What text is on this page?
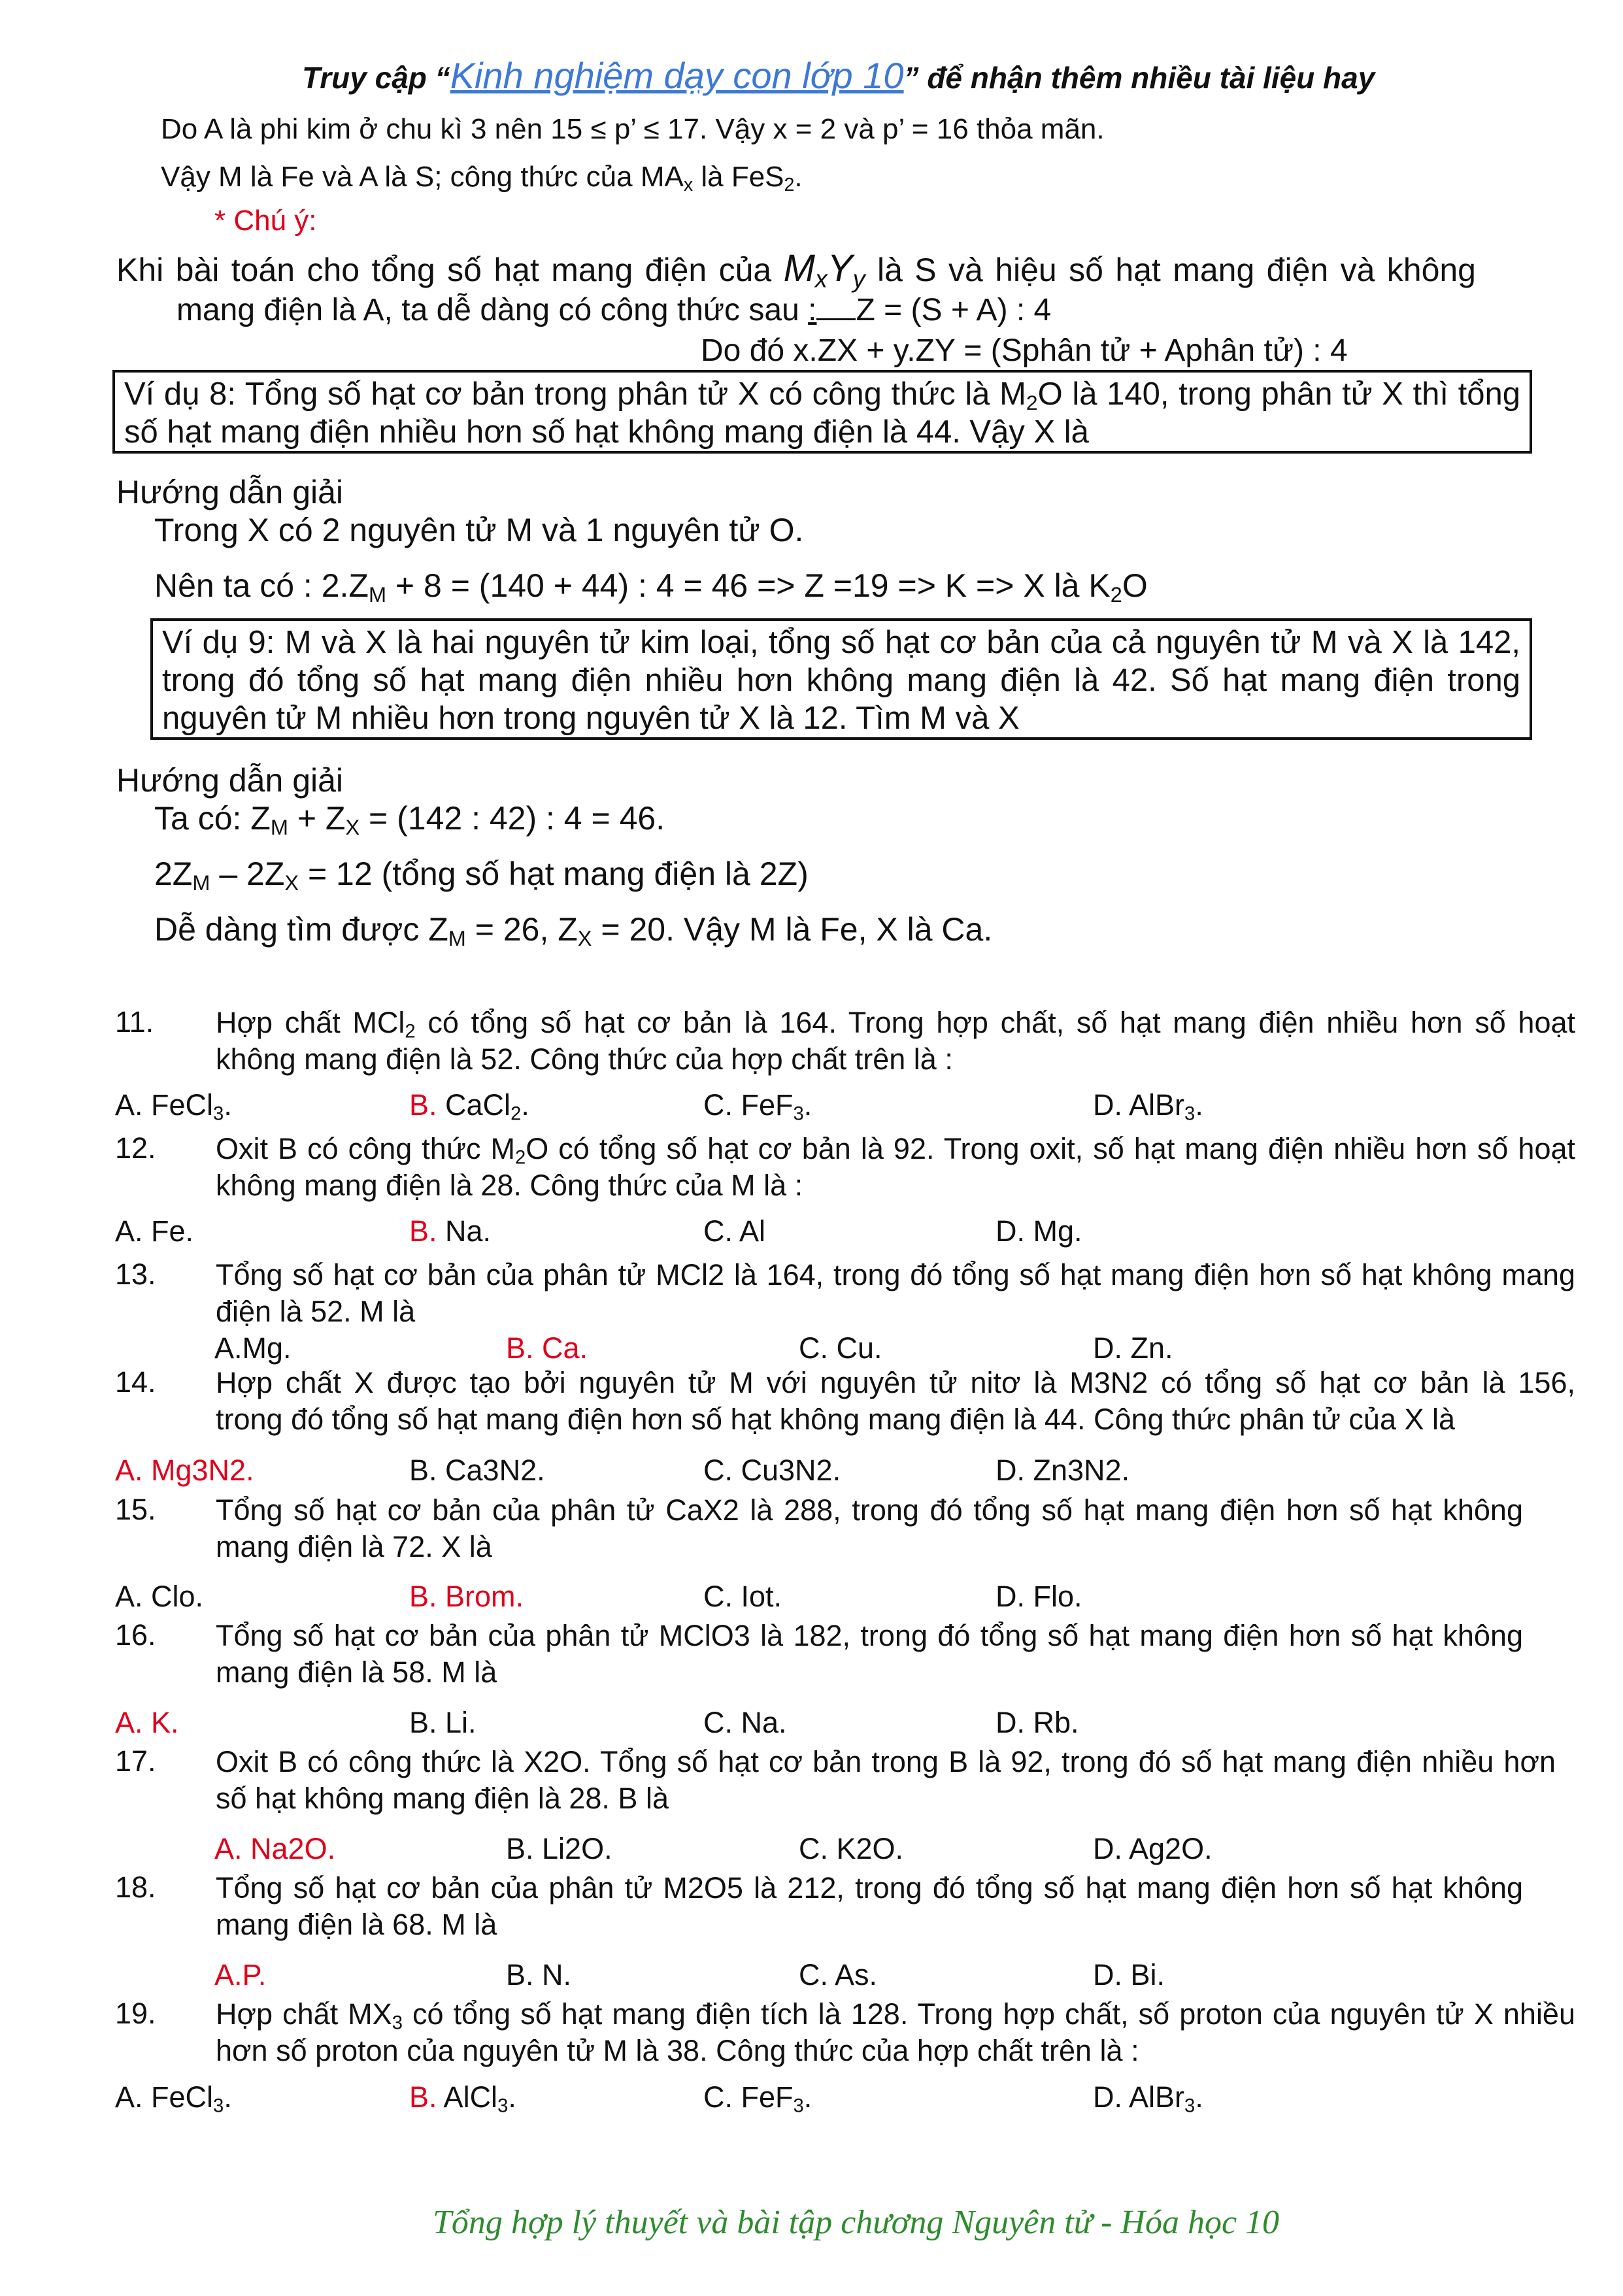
Truy cập “Kinh nghiệm dạy con lớp 10” để nhận thêm nhiều tài liệu hay
Do A là phi kim ở chu kì 3 nên 15 ≤ p’ ≤ 17. Vậy x = 2 và p’ = 16 thỏa mãn.
Vậy M là Fe và A là S; công thức của $MA_x$ là FeS$_2$.
* Chú ý:
Khi bài toán cho tổng số hạt mang điện của $M_xY_y$ là S và hiệu số hạt mang điện và không
mang điện là A, ta dễ dàng có công thức sau : Z = (S + A) : 4
Do đó x.ZX + y.ZY = (Sphân tử + Aphân tử) : 4

Ví dụ 8: Tổng số hạt cơ bản trong phân tử X có công thức là $M_2O$ là 140, trong phân tử X thì tổng

số hạt mang điện nhiều hơn số hạt không mang điện là 44. Vậy X là

Hướng dẫn giải
Trong X có 2 nguyên tử M và 1 nguyên tử O.
Nên ta có : $2.Z_M + 8 = (140 + 44)$ : 4 = 46 => Z =19 => K => X là $K_2O$

Ví dụ 9: M và X là hai nguyên tử kim loại, tổng số hạt cơ bản của cả nguyên tử M và X là 142,

trong đó tổng số hạt mang điện nhiều hơn không mang điện là 42. Số hạt mang điện trong

nguyên tử M nhiều hơn trong nguyên tử X là 12. Tìm M và X

Hướng dẫn giải
Ta có: $Z_M + Z_X = (142$ : 42) : 4 = 46.
$2Z_M - 2Z_X = 12$ (tổng số hạt mang điện là 2Z)
Dễ dàng tìm được $Z_M = 26$, $Z_X = 20$. Vậy M là Fe, X là Ca.
11. Hợp chất MCl$_2$ có tổng số hạt cơ bản là 164. Trong hợp chất, số hạt mang điện nhiều hơn số hoạt
không mang điện là 52. Công thức của hợp chất trên là :
A. FeCl$_3$.	B. CaCl$_2$.	C. FeF$_3$.	D. AlBr$_3$.
12. Oxit B có công thức $M_2O$ có tổng số hạt cơ bản là 92. Trong oxit, số hạt mang điện nhiều hơn số hoạt
không mang điện là 28. Công thức của M là :
A. Fe.	B. Na.	C. Al	D. Mg.
13. Tổng số hạt cơ bản của phân tử MCl2 là 164, trong đó tổng số hạt mang điện hơn số hạt không mang
điện là 52. M là
A.Mg.	B. Ca.	C. Cu.	D. Zn.
14. Hợp chất X được tạo bởi nguyên tử M với nguyên tử nitơ là M3N2 có tổng số hạt cơ bản là 156,
trong đó tổng số hạt mang điện hơn số hạt không mang điện là 44. Công thức phân tử của X là
A. Mg3N2.	B. Ca3N2.	C. Cu3N2.	D. Zn3N2.
15. Tổng số hạt cơ bản của phân tử CaX2 là 288, trong đó tổng số hạt mang điện hơn số hạt không
mang điện là 72. X là
A. Clo.	B. Brom.	C. Iot.	D. Flo.
16. Tổng số hạt cơ bản của phân tử MClO3 là 182, trong đó tổng số hạt mang điện hơn số hạt không
mang điện là 58. M là
A. K.	B. Li.	C. Na.	D. Rb.
17. Oxit B có công thức là X2O. Tổng số hạt cơ bản trong B là 92, trong đó số hạt mang điện nhiều hơn
số hạt không mang điện là 28. B là
A. Na2O.	B. Li2O.	C. K2O.	D. Ag2O.
18. Tổng số hạt cơ bản của phân tử M2O5 là 212, trong đó tổng số hạt mang điện hơn số hạt không
mang điện là 68. M là
A.P.	B. N.	C. As.	D. Bi.
19. Hợp chất $MX_3$ có tổng số hạt mang điện tích là 128. Trong hợp chất, số proton của nguyên tử X nhiều
hơn số proton của nguyên tử M là 38. Công thức của hợp chất trên là :
A. FeCl$_3$.	B. AlCl$_3$.	C. FeF$_3$.	D. AlBr$_3$.
Tổng hợp lý thuyết và bài tập chương Nguyên tử - Hóa học 10
